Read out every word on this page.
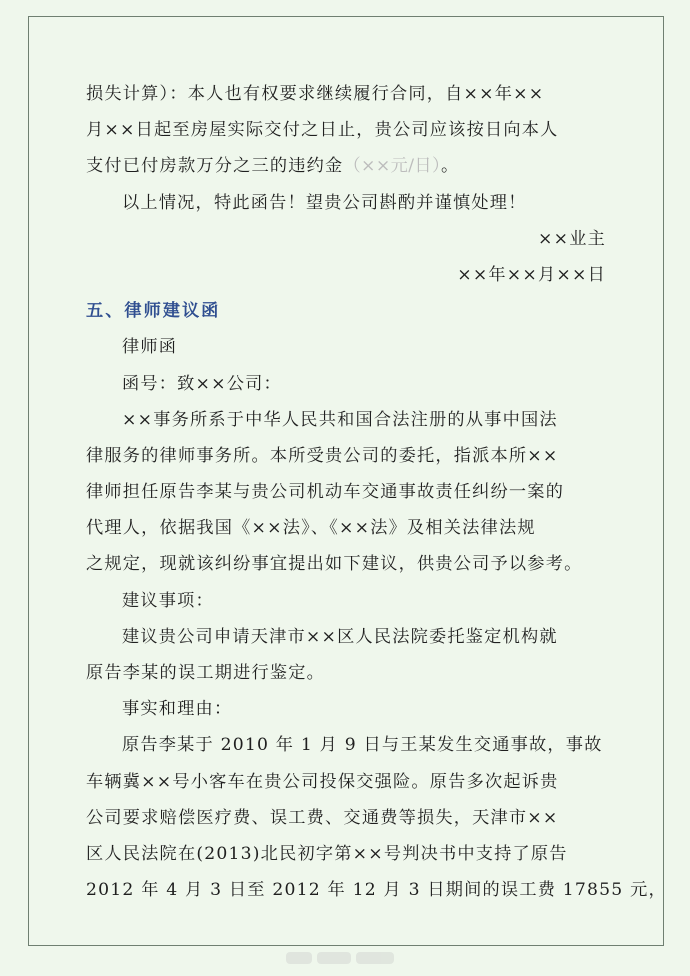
损失计算）：本人也有权要求继续履行合同，自××年××
月××日起至房屋实际交付之日止，贵公司应该按日向本人
支付已付房款万分之三的违约金（××元/日）。
以上情况，特此函告！望贵公司斟酌并谨慎处理！
××业主
××年××月××日
五、律师建议函
律师函
函号：致××公司：
××事务所系于中华人民共和国合法注册的从事中国法
律服务的律师事务所。本所受贵公司的委托，指派本所××
律师担任原告李某与贵公司机动车交通事故责任纠纷一案的
代理人，依据我国《××法》、《××法》及相关法律法规
之规定，现就该纠纷事宜提出如下建议，供贵公司予以参考。
建议事项：
建议贵公司申请天津市××区人民法院委托鉴定机构就
原告李某的误工期进行鉴定。
事实和理由：
原告李某于 2010 年 1 月 9 日与王某发生交通事故，事故
车辆冀××号小客车在贵公司投保交强险。原告多次起诉贵
公司要求赔偿医疗费、误工费、交通费等损失，天津市××
区人民法院在(2013)北民初字第××号判决书中支持了原告
2012 年 4 月 3 日至 2012 年 12 月 3 日期间的误工费 17855 元，
